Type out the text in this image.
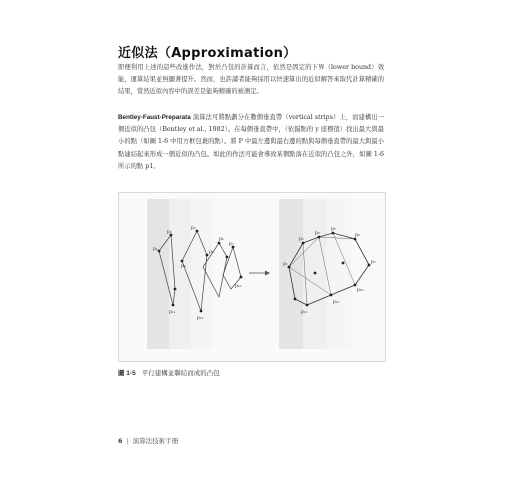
近似法（Approximation）
即便利用上述的這些改進作法，對於凸包的計算而言，依然是固定的下界（lower bound）效能，運算結果並無顯著提升。然而，也許讀者能夠採用以快速算出的近似解答來取代計算精確的結果，當然近似內容中的誤差是能夠精確的被測定。
Bentley-Faust-Preparata 演算法可將點劃分在數個垂直帶（vertical strips）上，而建構出一個近似的凸包（Bentley et al., 1982）。在每個垂直帶中，（依錨點的 y 座標值）找出最大與最小的點（如圖 1-6 中用方框包裹的點）。將 P 中最左邊與最右邊的點與每個垂直帶的最大與最小點連結起來形成一個近似的凸包。如此的作法可能會導致某個點落在近似的凸包之外，如圖 1-6 所示的點 p1。
p₂
p₁
p₃
p₄
p₅
p₆
p₇
p₁₀
p₁₁
p₁₂
p₁
p₂
p₃
p₅
p₆
p₇
p₁₀
p₁₁
p₁₂
圖 1-5 平行建構並聯結而成的凸包
6 | 演算法技術手冊
